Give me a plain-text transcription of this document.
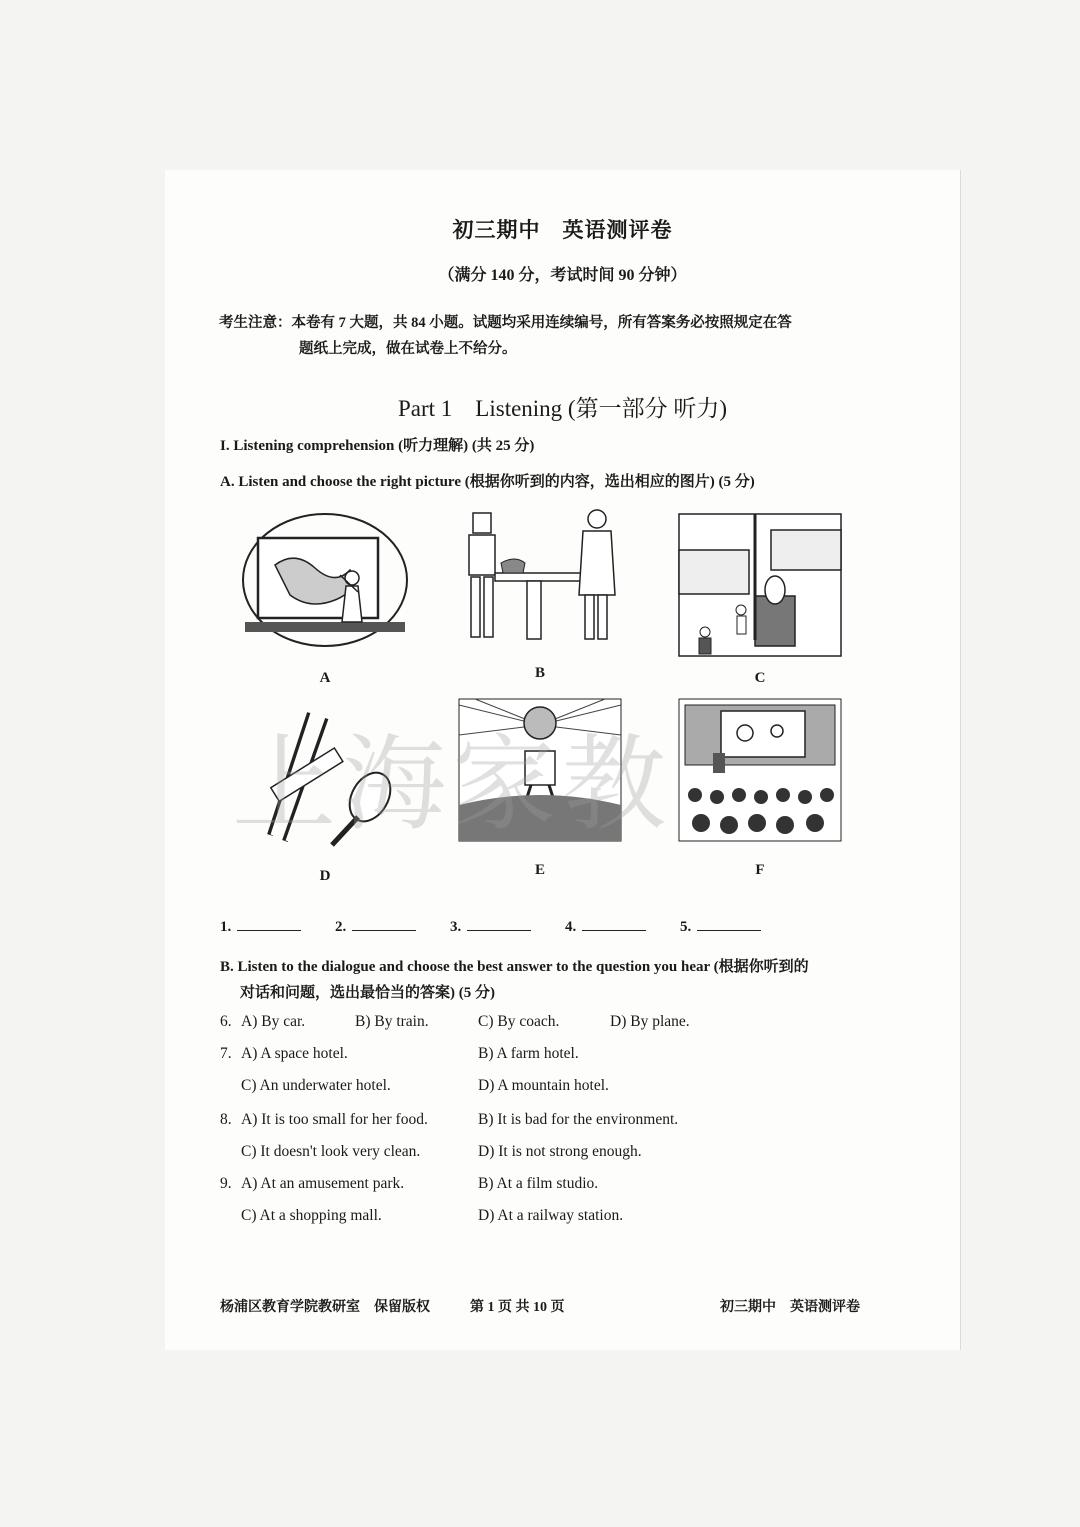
初三期中　英语测评卷
（满分 140 分，考试时间 90 分钟）
考生注意：本卷有 7 大题，共 84 小题。试题均采用连续编号，所有答案务必按照规定在答
题纸上完成，做在试卷上不给分。
Part 1　Listening (第一部分 听力)
I. Listening comprehension (听力理解) (共 25 分)
A. Listen and choose the right picture (根据你听到的内容，选出相应的图片) (5 分)
A	B	C
D	E	F
1.	2.	3.	4.	5.
B. Listen to the dialogue and choose the best answer to the question you hear (根据你听到的
对话和问题，选出最恰当的答案) (5 分)
6. A) By car.	B) By train.	C) By coach.	D) By plane.
7. A) A space hotel.	B) A farm hotel.
C) An underwater hotel.	D) A mountain hotel.
8. A) It is too small for her food.	B) It is bad for the environment.
C) It doesn't look very clean.	D) It is not strong enough.
9. A) At an amusement park.	B) At a film studio.
C) At a shopping mall.	D) At a railway station.
杨浦区教育学院教研室　保留版权	第 1 页 共 10 页	初三期中　英语测评卷
上海家教
